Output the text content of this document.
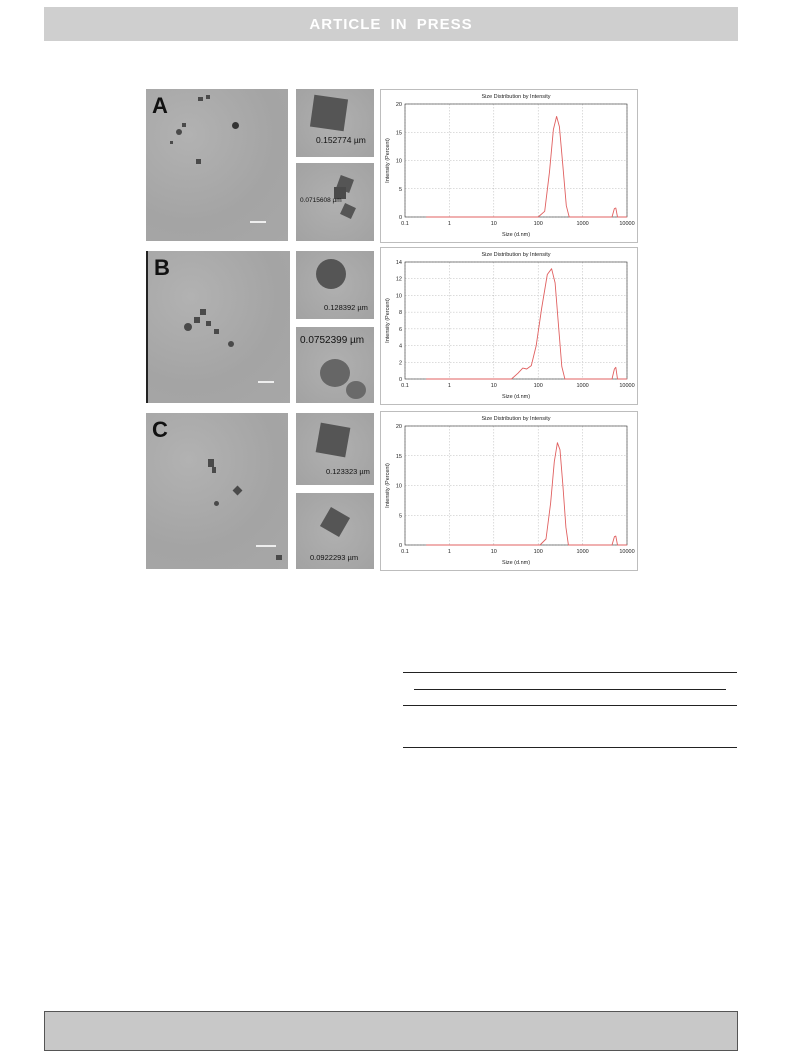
ARTICLE IN PRESS
A
0.152774 µm
0.0715608 µm
Size Distribution by Intensity
0
5
10
15
20
0.1	1	10	100	1000	10000
Size (d.nm)
Intensity (Percent)
B
0.128392 µm
0.0752399 µm
Size Distribution by Intensity
0
2
4
6
8
10
12
14
0.1	1	10	100	1000	10000
Size (d.nm)
Intensity (Percent)
C
0.123323 µm
0.0922293 µm
Size Distribution by Intensity
0
5
10
15
20
0.1	1	10	100	1000	10000
Size (d.nm)
Intensity (Percent)
